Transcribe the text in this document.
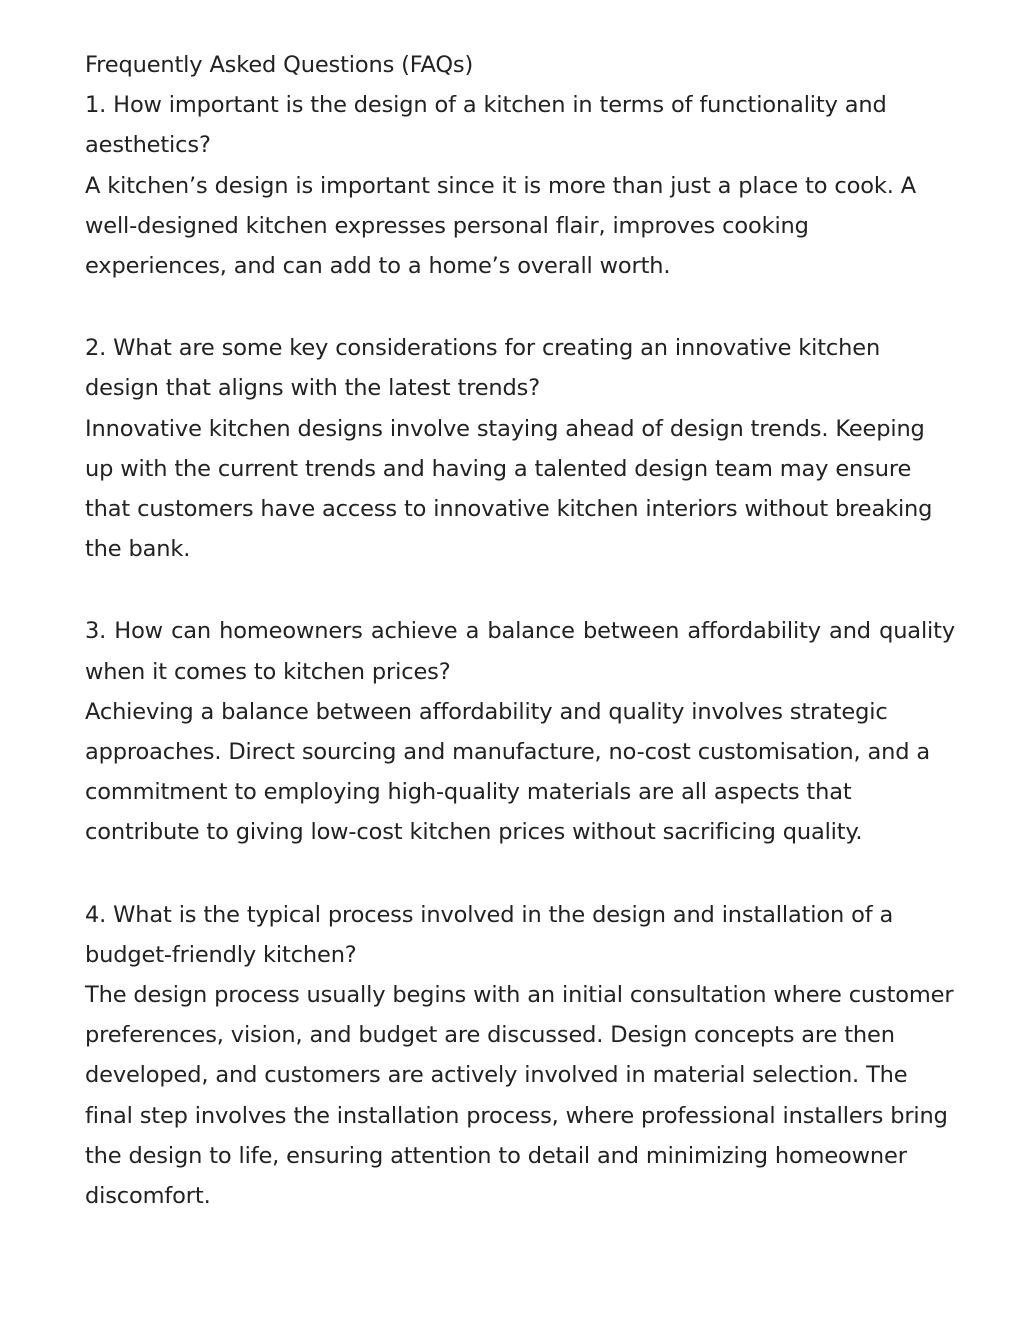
Frequently Asked Questions (FAQs)

1. How important is the design of a kitchen in terms of functionality and aesthetics?

A kitchen’s design is important since it is more than just a place to cook. A well-designed kitchen expresses personal flair, improves cooking experiences, and can add to a home’s overall worth.

2. What are some key considerations for creating an innovative kitchen design that aligns with the latest trends?

Innovative kitchen designs involve staying ahead of design trends. Keeping up with the current trends and having a talented design team may ensure that customers have access to innovative kitchen interiors without breaking the bank.

3. How can homeowners achieve a balance between affordability and quality when it comes to kitchen prices?

Achieving a balance between affordability and quality involves strategic approaches. Direct sourcing and manufacture, no-cost customisation, and a commitment to employing high-quality materials are all aspects that contribute to giving low-cost kitchen prices without sacrificing quality.

4. What is the typical process involved in the design and installation of a budget-friendly kitchen?

The design process usually begins with an initial consultation where customer preferences, vision, and budget are discussed. Design concepts are then developed, and customers are actively involved in material selection. The final step involves the installation process, where professional installers bring the design to life, ensuring attention to detail and minimizing homeowner discomfort.
